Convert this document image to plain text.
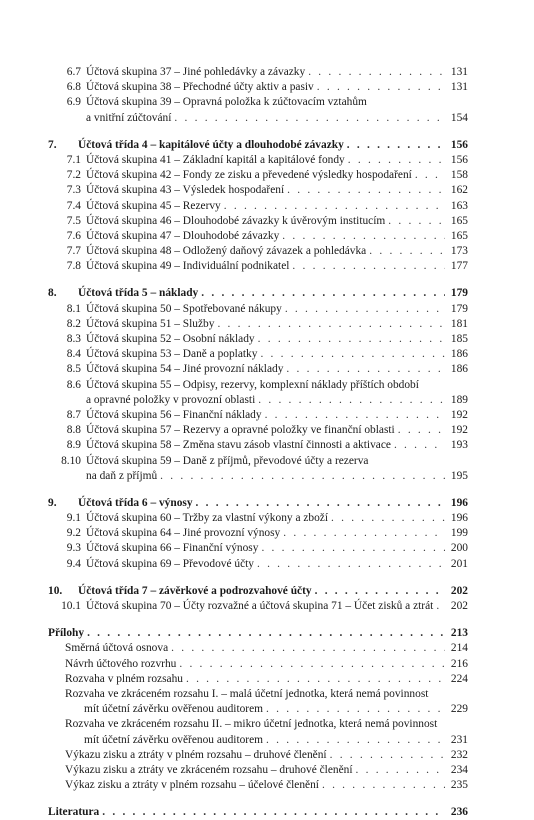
6.7 Účtová skupina 37 – Jiné pohledávky a závazky . . .	131
6.8 Účtová skupina 38 – Přechodné účty aktiv a pasiv . . .	131
6.9 Účtová skupina 39 – Opravná položka k zúčtovacím vztahům
a vnitřní zúčtování . . .	154
7.	Účtová třída 4 – kapitálové účty a dlouhodobé závazky . . .	156
7.1 Účtová skupina 41 – Základní kapitál a kapitálové fondy . . .	156
7.2 Účtová skupina 42 – Fondy ze zisku a převedené výsledky hospodaření . . .	158
7.3 Účtová skupina 43 – Výsledek hospodaření . . .	162
7.4 Účtová skupina 45 – Rezervy . . .	163
7.5 Účtová skupina 46 – Dlouhodobé závazky k úvěrovým institucím . . .	165
7.6 Účtová skupina 47 – Dlouhodobé závazky . . .	165
7.7 Účtová skupina 48 – Odložený daňový závazek a pohledávka . . .	173
7.8 Účtová skupina 49 – Individuální podnikatel . . .	177
8.	Účtová třída 5 – náklady . . .	179
8.1 Účtová skupina 50 – Spotřebované nákupy . . .	179
8.2 Účtová skupina 51 – Služby . . .	181
8.3 Účtová skupina 52 – Osobní náklady . . .	185
8.4 Účtová skupina 53 – Daně a poplatky . . .	186
8.5 Účtová skupina 54 – Jiné provozní náklady . . .	186
8.6 Účtová skupina 55 – Odpisy, rezervy, komplexní náklady příštích období
a opravné položky v provozní oblasti . . .	189
8.7 Účtová skupina 56 – Finanční náklady . . .	192
8.8 Účtová skupina 57 – Rezervy a opravné položky ve finanční oblasti . . .	192
8.9 Účtová skupina 58 – Změna stavu zásob vlastní činnosti a aktivace . . .	193
8.10 Účtová skupina 59 – Daně z příjmů, převodové účty a rezerva
na daň z příjmů . . .	195
9.	Účtová třída 6 – výnosy . . .	196
9.1 Účtová skupina 60 – Tržby za vlastní výkony a zboží . . .	196
9.2 Účtová skupina 64 – Jiné provozní výnosy . . .	199
9.3 Účtová skupina 66 – Finanční výnosy . . .	200
9.4 Účtová skupina 69 – Převodové účty . . .	201
10.	Účtová třída 7 – závěrkové a podrozvahové účty . . .	202
10.1 Účtová skupina 70 – Účty rozvažné a účtová skupina 71 – Účet zisků a ztrát . . . 202
Přílohy . . .	213
Směrná účtová osnova . . .	214
Návrh účtového rozvrhu . . .	216
Rozvaha v plném rozsahu . . .	224
Rozvaha ve zkráceném rozsahu I. – malá účetní jednotka, která nemá povinnost
mít účetní závěrku ověřenou auditorem . . .	229
Rozvaha ve zkráceném rozsahu II. – mikro účetní jednotka, která nemá povinnost
mít účetní závěrku ověřenou auditorem . . .	231
Výkazu zisku a ztráty v plném rozsahu – druhové členění . . .	232
Výkazu zisku a ztráty ve zkráceném rozsahu – druhové členění . . .	234
Výkaz zisku a ztráty v plném rozsahu – účelové členění . . .	235
Literatura . . .	236
